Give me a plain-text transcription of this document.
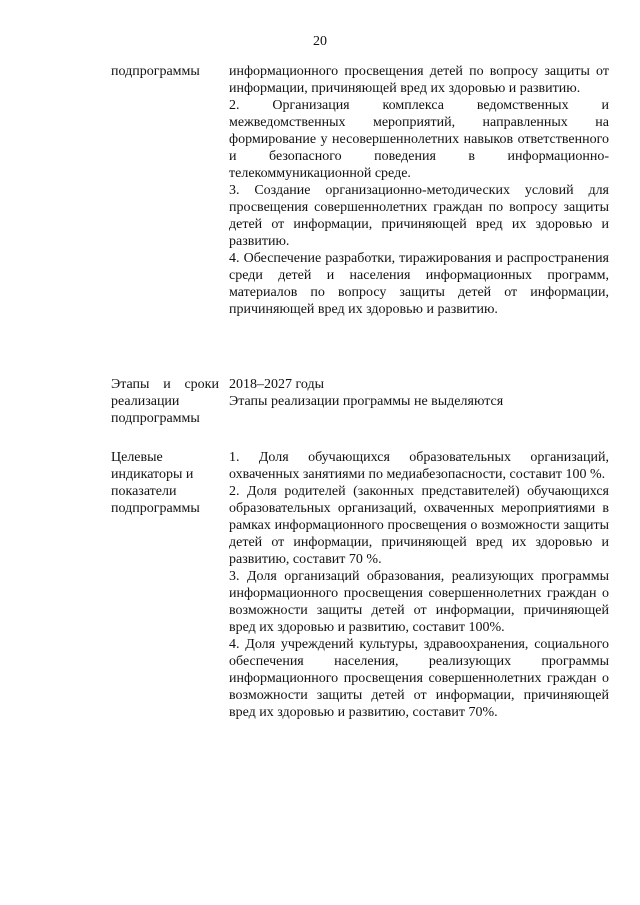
20
подпрограммы	информационного просвещения детей по вопросу защиты от информации, причиняющей вред их здоровью и развитию.

2. Организация комплекса ведомственных и межведомственных мероприятий, направленных на формирование у несовершеннолетних навыков ответственного и безопасного поведения в информационно-телекоммуникационной среде.

3. Создание организационно-методических условий для просвещения совершеннолетних граждан по вопросу защиты детей от информации, причиняющей вред их здоровью и развитию.

4. Обеспечение разработки, тиражирования и распространения среди детей и населения информационных программ, материалов по вопросу защиты детей от информации, причиняющей вред их здоровью и развитию.

Этапы и сроки
реализации
подпрограммы

2018–2027 годы

Этапы реализации программы не выделяются

Целевые
индикаторы и
показатели
подпрограммы

1. Доля обучающихся образовательных организаций, охваченных занятиями по медиабезопасности, составит 100 %.

2. Доля родителей (законных представителей) обучающихся образовательных организаций, охваченных мероприятиями в рамках информационного просвещения о возможности защиты детей от информации, причиняющей вред их здоровью и развитию, составит 70 %.

3. Доля организаций образования, реализующих программы информационного просвещения совершеннолетних граждан о возможности защиты детей от информации, причиняющей вред их здоровью и развитию, составит 100%.

4. Доля учреждений культуры, здравоохранения, социального обеспечения населения, реализующих программы информационного просвещения совершеннолетних граждан о возможности защиты детей от информации, причиняющей вред их здоровью и развитию, составит 70%.
